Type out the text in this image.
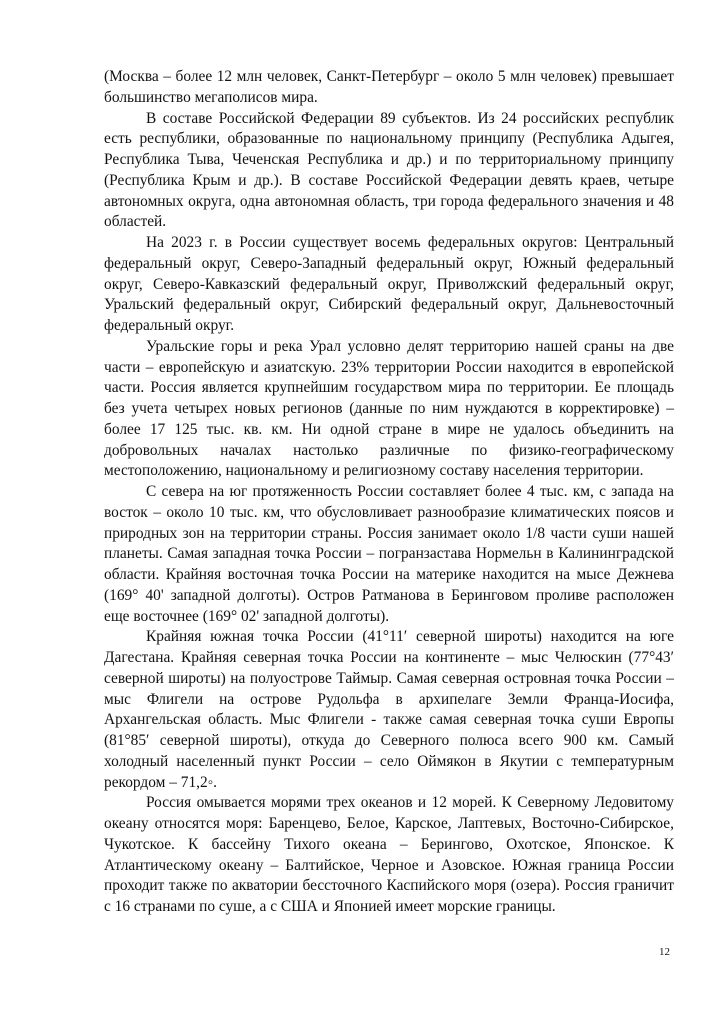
(Москва – более 12 млн человек, Санкт-Петербург – около 5 млн человек) превышает большинство мегаполисов мира.

В составе Российской Федерации 89 субъектов. Из 24 российских республик есть республики, образованные по национальному принципу (Республика Адыгея, Республика Тыва, Чеченская Республика и др.) и по территориальному принципу (Республика Крым и др.). В составе Российской Федерации девять краев, четыре автономных округа, одна автономная область, три города федерального значения и 48 областей.

На 2023 г. в России существует восемь федеральных округов: Центральный федеральный округ, Северо-Западный федеральный округ, Южный федеральный округ, Северо-Кавказский федеральный округ, Приволжский федеральный округ, Уральский федеральный округ, Сибирский федеральный округ, Дальневосточный федеральный округ.

Уральские горы и река Урал условно делят территорию нашей сраны на две части – европейскую и азиатскую. 23% территории России находится в европейской части. Россия является крупнейшим государством мира по территории. Ее площадь без учета четырех новых регионов (данные по ним нуждаются в корректировке) – более 17 125 тыс. кв. км. Ни одной стране в мире не удалось объединить на добровольных началах настолько различные по физико-географическому местоположению, национальному и религиозному составу населения территории.

С севера на юг протяженность России составляет более 4 тыс. км, с запада на восток – около 10 тыс. км, что обусловливает разнообразие климатических поясов и природных зон на территории страны. Россия занимает около 1/8 части суши нашей планеты. Самая западная точка России – погранзастава Нормельн в Калининградской области. Крайняя восточная точка России на материке находится на мысе Дежнева (169° 40' западной долготы). Остров Ратманова в Беринговом проливе расположен еще восточнее (169° 02' западной долготы).

Крайняя южная точка России (41°11′ северной широты) находится на юге Дагестана. Крайняя северная точка России на континенте – мыс Челюскин (77°43′ северной широты) на полуострове Таймыр. Самая северная островная точка России – мыс Флигели на острове Рудольфа в архипелаге Земли Франца-Иосифа, Архангельская область. Мыс Флигели - также самая северная точка суши Европы (81°85′ северной широты), откуда до Северного полюса всего 900 км. Самый холодный населенный пункт России – село Оймякон в Якутии с температурным рекордом – 71,2◦.

Россия омывается морями трех океанов и 12 морей. К Северному Ледовитому океану относятся моря: Баренцево, Белое, Карское, Лаптевых, Восточно-Сибирское, Чукотское. К бассейну Тихого океана – Берингово, Охотское, Японское. К Атлантическому океану – Балтийское, Черное и Азовское. Южная граница России проходит также по акватории бессточного Каспийского моря (озера). Россия граничит с 16 странами по суше, а с США и Японией имеет морские границы.

12
